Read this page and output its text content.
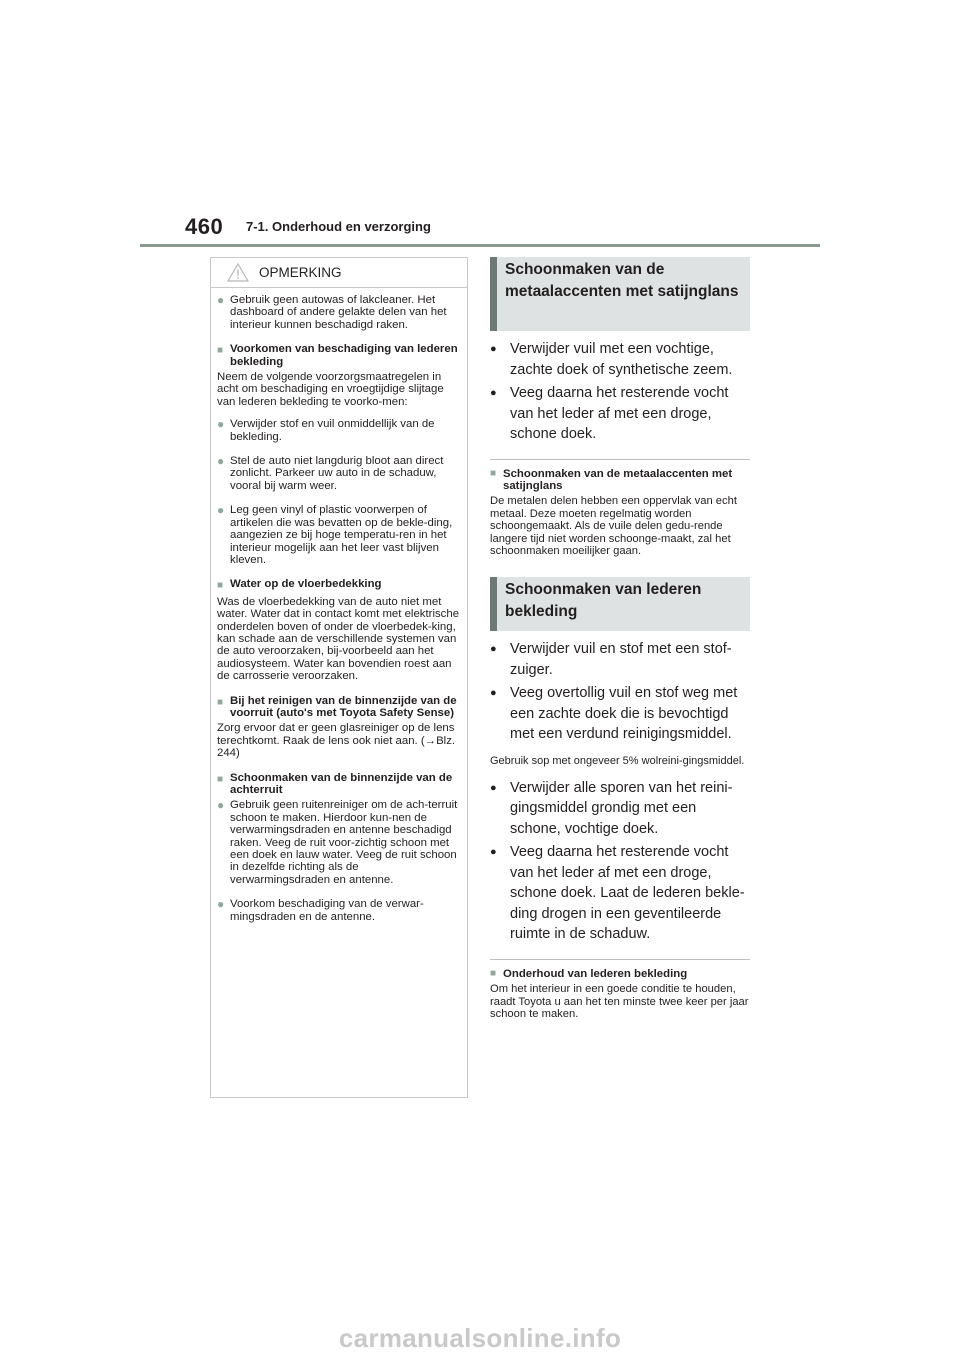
460 7-1. Onderhoud en verzorging
OPMERKING
●
Gebruik geen autowas of lakcleaner. Het dashboard of andere gelakte delen van het interieur kunnen beschadigd raken.
■
Voorkomen van beschadiging van lederen bekleding
Neem de volgende voorzorgsmaatregelen in acht om beschadiging en vroegtijdige slijtage van lederen bekleding te voorko-men:
●
Verwijder stof en vuil onmiddellijk van de bekleding.
●
Stel de auto niet langdurig bloot aan direct zonlicht. Parkeer uw auto in de schaduw, vooral bij warm weer.
●
Leg geen vinyl of plastic voorwerpen of artikelen die was bevatten op de bekle-ding, aangezien ze bij hoge temperatu-ren in het interieur mogelijk aan het leer vast blijven kleven.
■
Water op de vloerbedekking
Was de vloerbedekking van de auto niet met water. Water dat in contact komt met elektrische onderdelen boven of onder de vloerbedek-king, kan schade aan de verschillende systemen van de auto veroorzaken, bij-voorbeeld aan het audiosysteem. Water kan bovendien roest aan de carrosserie veroorzaken.
■
Bij het reinigen van de binnenzijde van de voorruit (auto's met Toyota Safety Sense)
Zorg ervoor dat er geen glasreiniger op de lens terechtkomt. Raak de lens ook niet aan. (→Blz. 244)
■
Schoonmaken van de binnenzijde van de achterruit
●
Gebruik geen ruitenreiniger om de ach-terruit schoon te maken. Hierdoor kun-nen de verwarmingsdraden en antenne beschadigd raken. Veeg de ruit voor-zichtig schoon met een doek en lauw water. Veeg de ruit schoon in dezelfde richting als de verwarmingsdraden en antenne.
●
Voorkom beschadiging van de verwar-mingsdraden en de antenne.
Schoonmaken van de metaalaccenten met satijnglans
●
Verwijder vuil met een vochtige, zachte doek of synthetische zeem.
●
Veeg daarna het resterende vocht van het leder af met een droge, schone doek.
■
Schoonmaken van de metaalaccenten met satijnglans
De metalen delen hebben een oppervlak van echt metaal. Deze moeten regelmatig worden schoongemaakt. Als de vuile delen gedu-rende langere tijd niet worden schoonge-maakt, zal het schoonmaken moeilijker gaan.
Schoonmaken van lederen bekleding
●
Verwijder vuil en stof met een stof-zuiger.
●
Veeg overtollig vuil en stof weg met een zachte doek die is bevochtigd met een verdund reinigingsmiddel.
Gebruik sop met ongeveer 5% wolreini-gingsmiddel.
●
Verwijder alle sporen van het reini-gingsmiddel grondig met een schone, vochtige doek.
●
Veeg daarna het resterende vocht van het leder af met een droge, schone doek. Laat de lederen bekle-ding drogen in een geventileerde ruimte in de schaduw.
■
Onderhoud van lederen bekleding
Om het interieur in een goede conditie te houden, raadt Toyota u aan het ten minste twee keer per jaar schoon te maken.
carmanualsonline.info
